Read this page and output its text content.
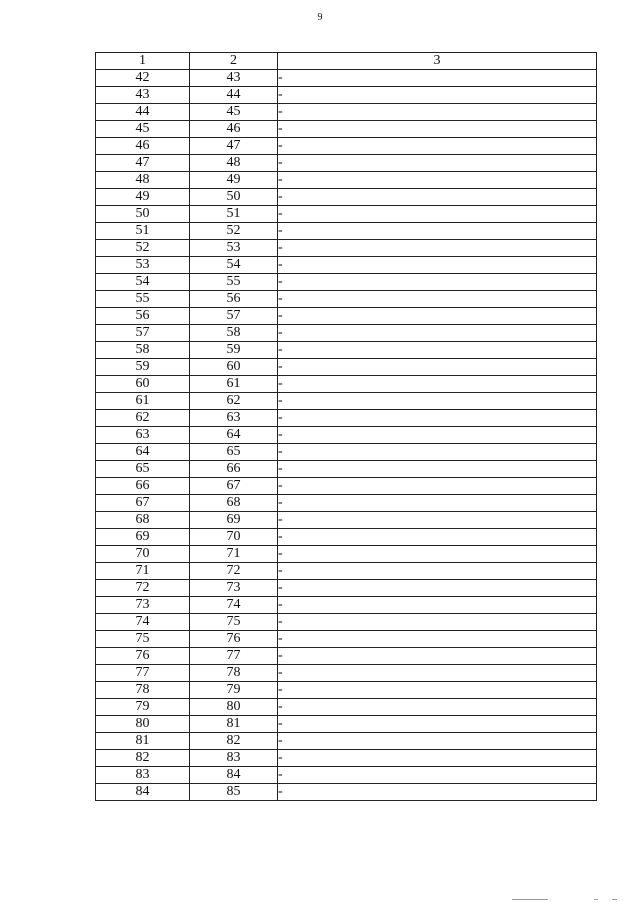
9
1	2	3
42	43	-
43	44	-
44	45	-
45	46	-
46	47	-
47	48	-
48	49	-
49	50	-
50	51	-
51	52	-
52	53	-
53	54	-
54	55	-
55	56	-
56	57	-
57	58	-
58	59	-
59	60	-
60	61	-
61	62	-
62	63	-
63	64	-
64	65	-
65	66	-
66	67	-
67	68	-
68	69	-
69	70	-
70	71	-
71	72	-
72	73	-
73	74	-
74	75	-
75	76	-
76	77	-
77	78	-
78	79	-
79	80	-
80	81	-
81	82	-
82	83	-
83	84	-
84	85	-
